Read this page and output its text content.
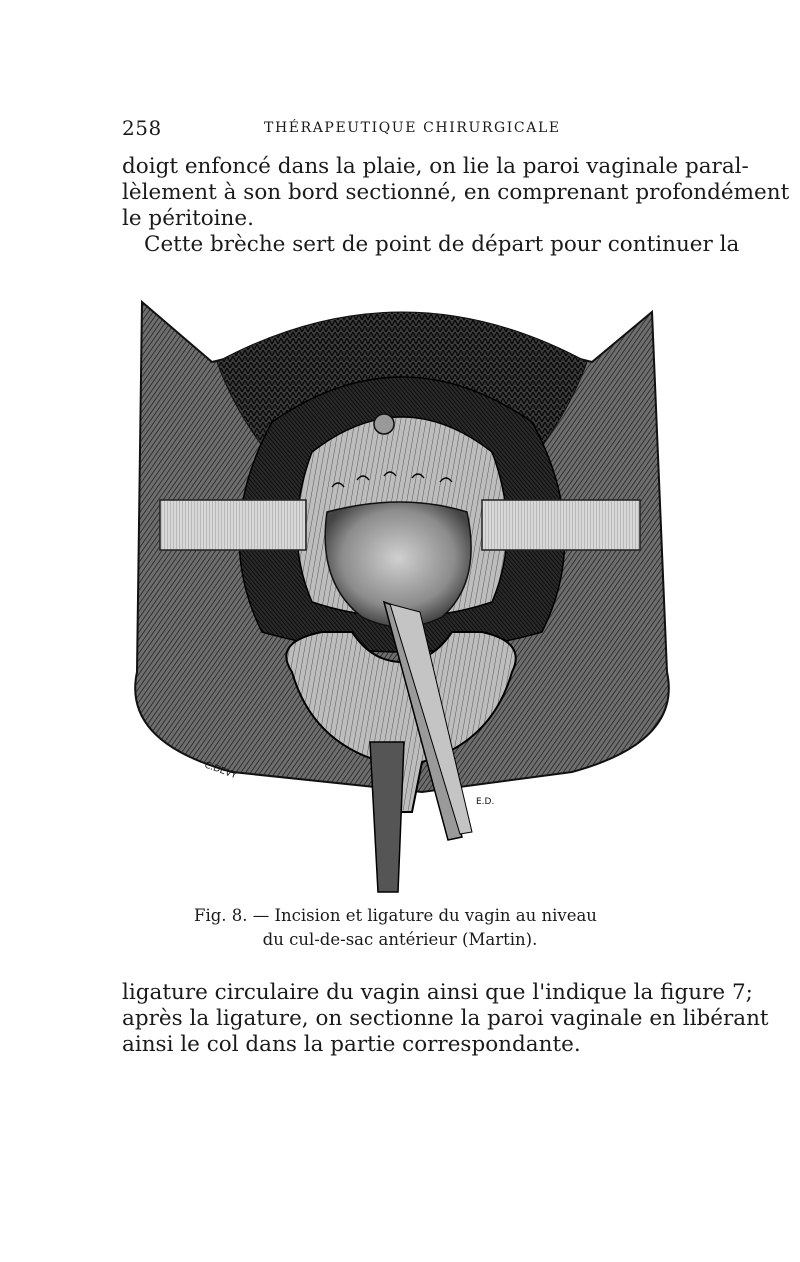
258	THÉRAPEUTIQUE CHIRURGICALE

doigt enfoncé dans la plaie, on lie la paroi vaginale paral-
lèlement à son bord sectionné, en comprenant profondément
le péritoine.

Cette brèche sert de point de départ pour continuer la

C.DEVY
E.D.

Fig. 8. — Incision et ligature du vagin au niveau

du cul-de-sac antérieur (Martin).

ligature circulaire du vagin ainsi que l'indique la figure 7;
après la ligature, on sectionne la paroi vaginale en libérant
ainsi le col dans la partie correspondante.
